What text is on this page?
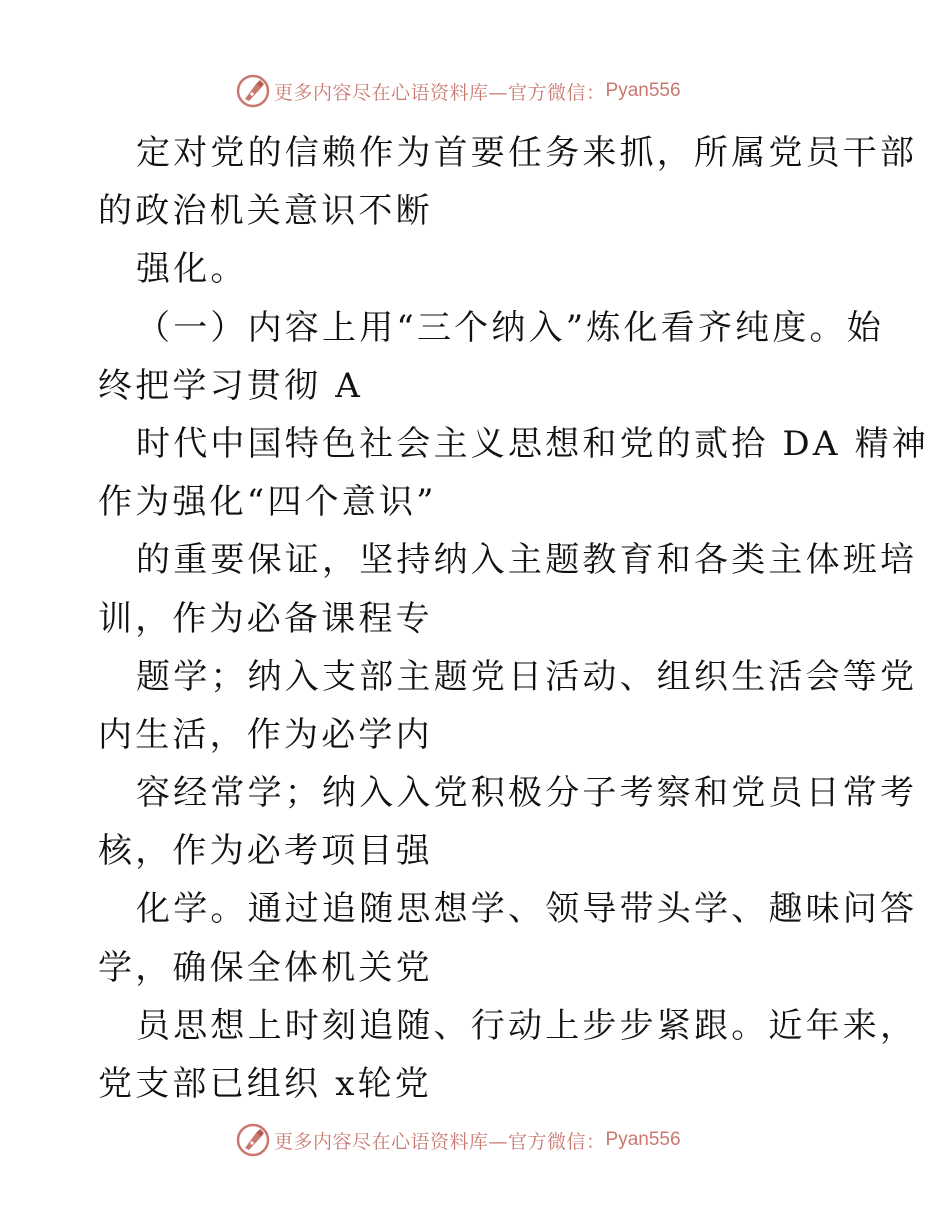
更多内容尽在心语资料库—官方微信： Pyan556
定对党的信赖作为首要任务来抓，所属党员干部
的政治机关意识不断
强化。
（一）内容上用“三个纳入”炼化看齐纯度。始
终把学习贯彻 A
时代中国特色社会主义思想和党的贰拾 DA 精神
作为强化“四个意识”
的重要保证，坚持纳入主题教育和各类主体班培
训，作为必备课程专
题学；纳入支部主题党日活动、组织生活会等党
内生活，作为必学内
容经常学；纳入入党积极分子考察和党员日常考
核，作为必考项目强
化学。通过追随思想学、领导带头学、趣味问答
学，确保全体机关党
员思想上时刻追随、行动上步步紧跟。近年来，
党支部已组织 x轮党
更多内容尽在心语资料库—官方微信： Pyan556
